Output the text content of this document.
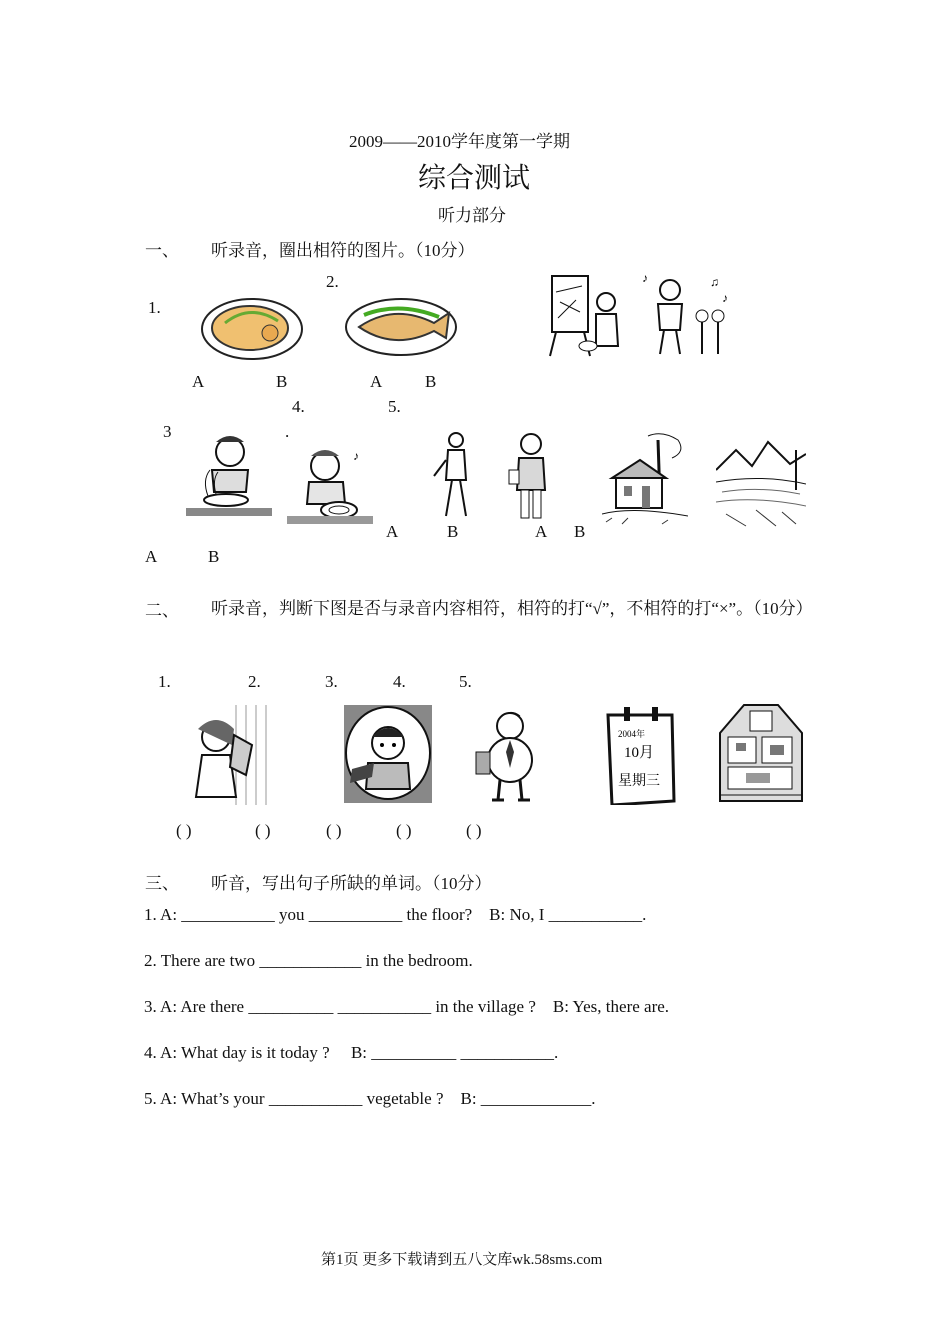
2009——2010学年度第一学期
综合测试
听力部分
一、 听录音，圈出相符的图片。（10分）
2.
1.
♪	♫
♪
A	B	A	B
4.	5.
3	.
♪
A	B	A B
A	B
二、 听录音，判断下图是否与录音内容相符，相符的打“√”，不相符的打“×”。（10分）
1.	2.	3.	4.	5.
2004年
10月
星期三
( )	( )	( )	( )	( )
三、 听音，写出句子所缺的单词。（10分）
1. A: ___________ you ___________ the floor?    B: No, I ___________.
2. There are two ____________ in the bedroom.
3. A: Are there __________ ___________ in the village ?    B: Yes, there are.
4. A: What day is it today ?     B: __________ ___________.
5. A: What’s your ___________ vegetable ?    B: _____________.
第1页 更多下载请到五八文库wk.58sms.com
